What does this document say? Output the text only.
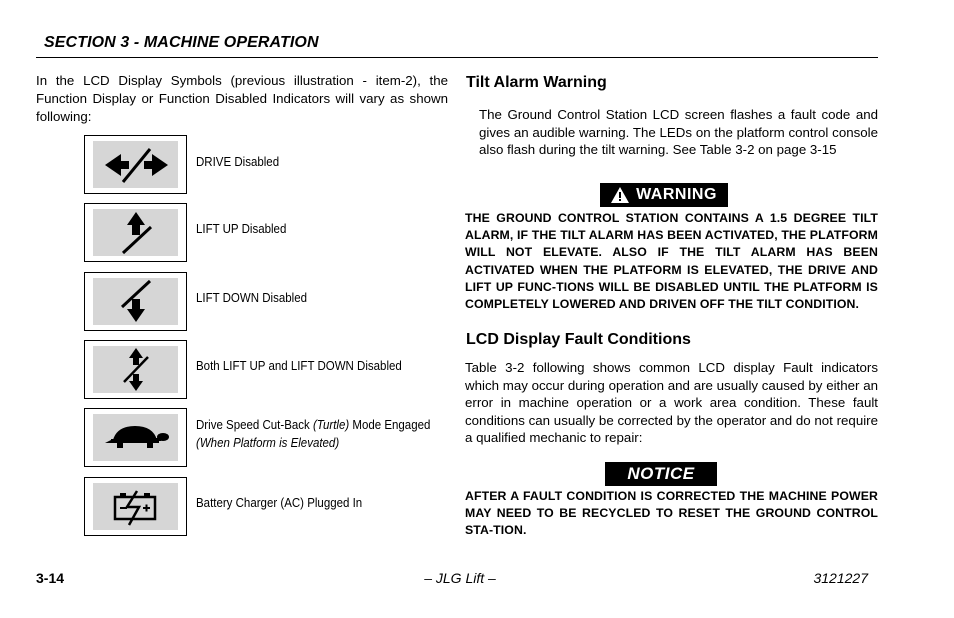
SECTION 3 - MACHINE OPERATION
In the LCD Display Symbols (previous illustration - item-2), the Function Display or Function Disabled Indicators will vary as shown following:
DRIVE Disabled
LIFT UP Disabled
LIFT DOWN Disabled
Both LIFT UP and LIFT DOWN Disabled
Drive Speed Cut-Back (Turtle) Mode Engaged
(When Platform is Elevated)
Battery Charger (AC) Plugged In
Tilt Alarm Warning
The Ground Control Station LCD screen flashes a fault code and gives an audible warning. The LEDs on the platform control console also flash during the tilt warning. See Table 3-2 on page 3-15
WARNING
THE GROUND CONTROL STATION CONTAINS A 1.5 DEGREE TILT ALARM, IF THE TILT ALARM HAS BEEN ACTIVATED, THE PLATFORM WILL NOT ELEVATE. ALSO IF THE TILT ALARM HAS BEEN ACTIVATED WHEN THE PLATFORM IS ELEVATED, THE DRIVE AND LIFT UP FUNC-TIONS WILL BE DISABLED UNTIL THE PLATFORM IS COMPLETELY LOWERED AND DRIVEN OFF THE TILT CONDITION.
LCD Display Fault Conditions
Table 3-2 following shows common LCD display Fault indicators which may occur during operation and are usually caused by either an error in machine operation or a work area condition. These fault conditions can usually be corrected by the operator and do not require a qualified mechanic to repair:
NOTICE
AFTER A FAULT CONDITION IS CORRECTED THE MACHINE POWER MAY NEED TO BE RECYCLED TO RESET THE GROUND CONTROL STA-TION.
3-14	– JLG Lift –	3121227
